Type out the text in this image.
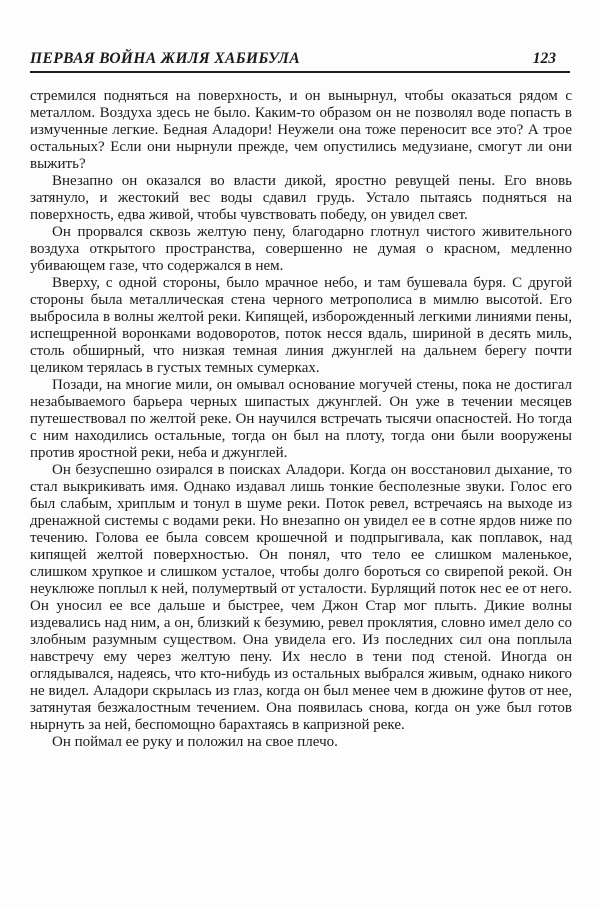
ПЕРВАЯ ВОЙНА ЖИЛЯ ХАБИБУЛА	123

стремился подняться на поверхность, и он вынырнул, чтобы оказаться рядом с металлом. Воздуха здесь не было. Каким-то образом он не позволял воде попасть в измученные легкие. Бедная Аладори! Неужели она тоже переносит все это? А трое остальных? Если они нырнули прежде, чем опустились медузиане, смогут ли они выжить?

Внезапно он оказался во власти дикой, яростно ревущей пены. Его вновь затянуло, и жестокий вес воды сдавил грудь. Устало пытаясь подняться на поверхность, едва живой, чтобы чувствовать победу, он увидел свет.

Он прорвался сквозь желтую пену, благодарно глотнул чистого живительного воздуха открытого пространства, совершенно не думая о красном, медленно убивающем газе, что содержался в нем.

Вверху, с одной стороны, было мрачное небо, и там бушевала буря. С другой стороны была металлическая стена черного метрополиса в мимлю высотой. Его выбросила в волны желтой реки. Кипящей, изборожденный легкими линиями пены, испещренной воронками водоворотов, поток несся вдаль, шириной в десять миль, столь обширный, что низкая темная линия джунглей на дальнем берегу почти целиком терялась в густых темных сумерках.

Позади, на многие мили, он омывал основание могучей стены, пока не достигал незабываемого барьера черных шипастых джунглей. Он уже в течении месяцев путешествовал по желтой реке. Он научился встречать тысячи опасностей. Но тогда с ним находились остальные, тогда он был на плоту, тогда они были вооружены против яростной реки, неба и джунглей.

Он безуспешно озирался в поисках Аладори. Когда он восстановил дыхание, то стал выкрикивать имя. Однако издавал лишь тонкие бесполезные звуки. Голос его был слабым, хриплым и тонул в шуме реки. Поток ревел, встречаясь на выходе из дренажной системы с водами реки. Но внезапно он увидел ее в сотне ярдов ниже по течению. Голова ее была совсем крошечной и подпрыгивала, как поплавок, над кипящей желтой поверхностью. Он понял, что тело ее слишком маленькое, слишком хрупкое и слишком усталое, чтобы долго бороться со свирепой рекой. Он неуклюже поплыл к ней, полумертвый от усталости. Бурлящий поток нес ее от него. Он уносил ее все дальше и быстрее, чем Джон Стар мог плыть. Дикие волны издевались над ним, а он, близкий к безумию, ревел проклятия, словно имел дело со злобным разумным существом. Она увидела его. Из последних сил она поплыла навстречу ему через желтую пену. Их несло в тени под стеной. Иногда он оглядывался, надеясь, что кто-нибудь из остальных выбрался живым, однако никого не видел. Аладори скрылась из глаз, когда он был менее чем в дюжине футов от нее, затянутая безжалостным течением. Она появилась снова, когда он уже был готов нырнуть за ней, беспомощно барахтаясь в капризной реке.

Он поймал ее руку и положил на свое плечо.
